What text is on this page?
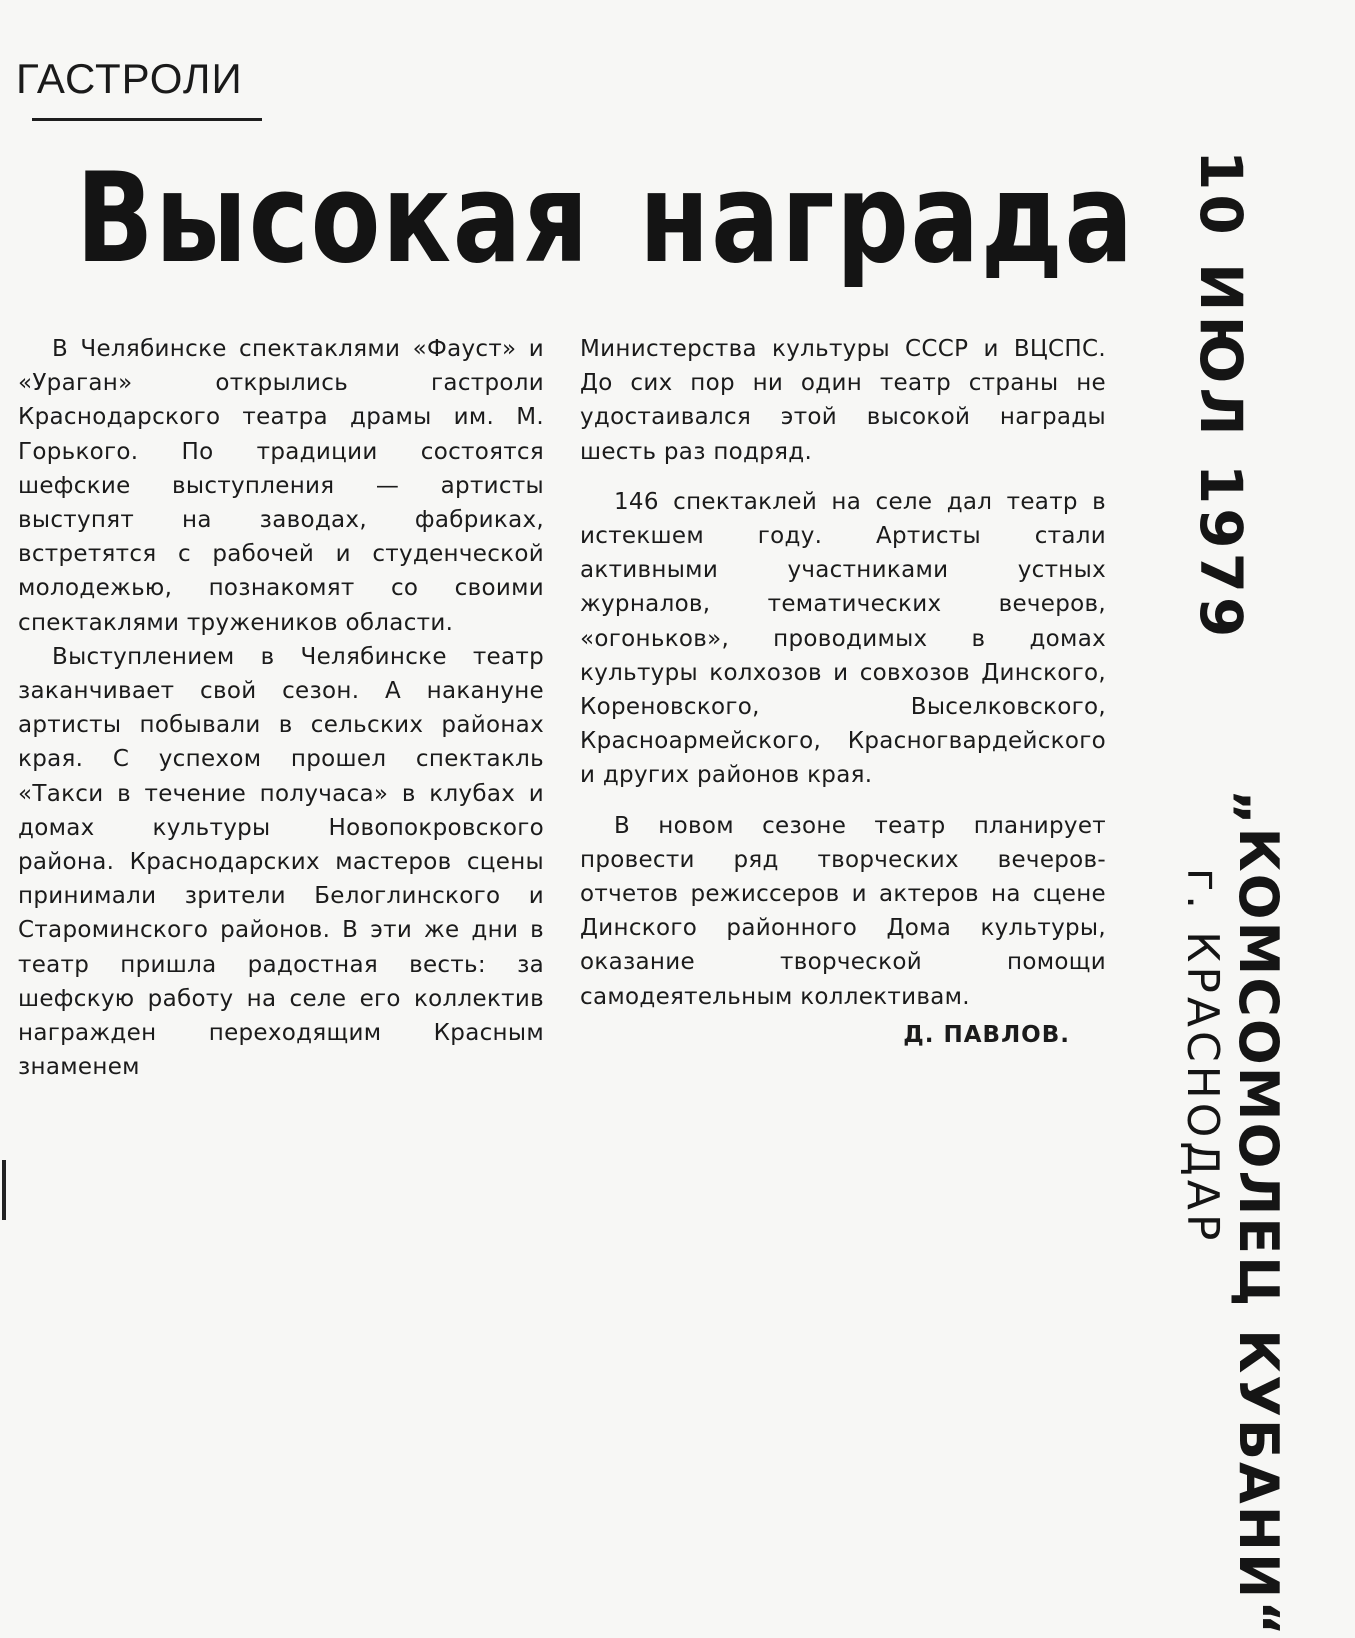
ГАСТРОЛИ
Высокая награда

В Челябинске спектаклями «Фауст» и «Ураган» открылись гастроли Краснодарского театра драмы им. М. Горького. По традиции состоятся шефские выступления — артисты выступят на заводах, фабриках, встретятся с рабочей и студенческой молодежью, познакомят со своими спектаклями тружеников области.

Выступлением в Челябинске театр заканчивает свой сезон. А накануне артисты побывали в сельских районах края. С успехом прошел спектакль «Такси в течение получаса» в клубах и домах культуры Новопокровского района. Краснодарских мастеров сцены принимали зрители Белоглинского и Староминского районов. В эти же дни в театр пришла радостная весть: за шефскую работу на селе его коллектив награжден переходящим Красным знаменем

Министерства культуры СССР и ВЦСПС. До сих пор ни один театр страны не удостаивался этой высокой награды шесть раз подряд.

146 спектаклей на селе дал театр в истекшем году. Артисты стали активными участниками устных журналов, тематических вечеров, «огоньков», проводимых в домах культуры колхозов и совхозов Динского, Кореновского, Выселковского, Красноармейского, Красногвардейского и других районов края.

В новом сезоне театр планирует провести ряд творческих вечеров-отчетов режиссеров и актеров на сцене Динского районного Дома культуры, оказание творческой помощи самодеятельным коллективам.

Д. ПАВЛОВ.
10 ИЮЛ 1979
„КОМСОМОЛЕЦ КУБАНИ“
г. КРАСНОДАР
